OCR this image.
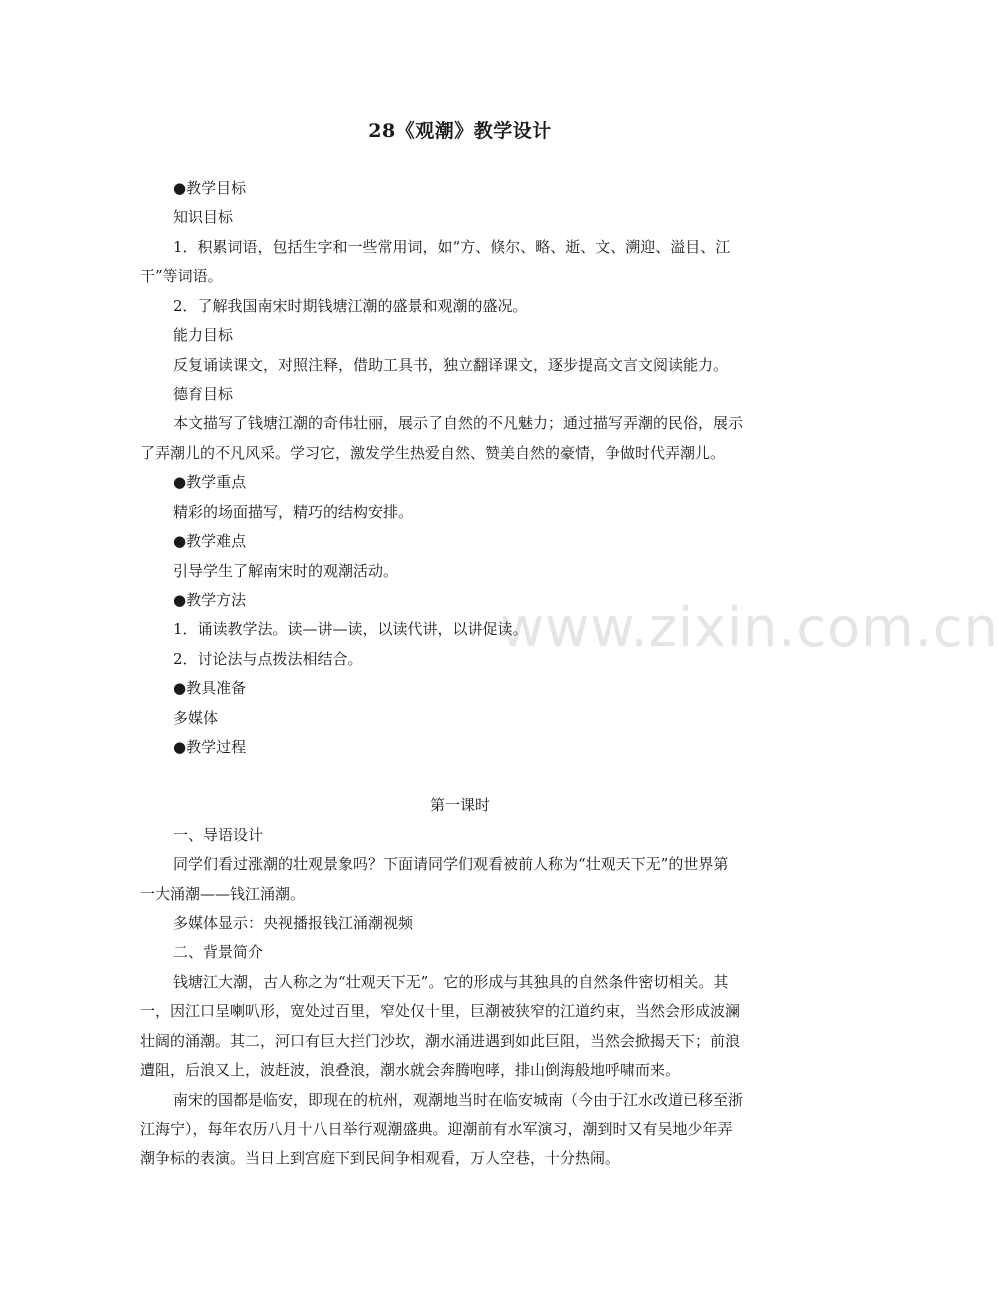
28《观潮》教学设计
www.zixin.com.cn
●教学目标
知识目标
1．积累词语，包括生字和一些常用词，如“方、倏尔、略、逝、文、溯迎、溢目、江
干”等词语。
2．了解我国南宋时期钱塘江潮的盛景和观潮的盛况。
能力目标
反复诵读课文，对照注释，借助工具书，独立翻译课文，逐步提高文言文阅读能力。
德育目标
本文描写了钱塘江潮的奇伟壮丽，展示了自然的不凡魅力；通过描写弄潮的民俗，展示
了弄潮儿的不凡风采。学习它，激发学生热爱自然、赞美自然的豪情，争做时代弄潮儿。
●教学重点
精彩的场面描写，精巧的结构安排。
●教学难点
引导学生了解南宋时的观潮活动。
●教学方法
1．诵读教学法。读—讲—读，以读代讲，以讲促读。
2．讨论法与点拨法相结合。
●教具准备
多媒体
●教学过程
第一课时
一、导语设计
同学们看过涨潮的壮观景象吗？下面请同学们观看被前人称为“壮观天下无”的世界第
一大涌潮——钱江涌潮。
多媒体显示：央视播报钱江涌潮视频
二、背景简介
钱塘江大潮，古人称之为“壮观天下无”。它的形成与其独具的自然条件密切相关。其
一，因江口呈喇叭形，宽处过百里，窄处仅十里，巨潮被狭窄的江道约束，当然会形成波澜
壮阔的涌潮。其二，河口有巨大拦门沙坎，潮水涌进遇到如此巨阻，当然会掀揭天下；前浪
遭阻，后浪又上，波赶波，浪叠浪，潮水就会奔腾咆哮，排山倒海般地呼啸而来。
南宋的国都是临安，即现在的杭州，观潮地当时在临安城南（今由于江水改道已移至浙
江海宁），每年农历八月十八日举行观潮盛典。迎潮前有水军演习，潮到时又有吴地少年弄
潮争标的表演。当日上到宫庭下到民间争相观看，万人空巷，十分热闹。
